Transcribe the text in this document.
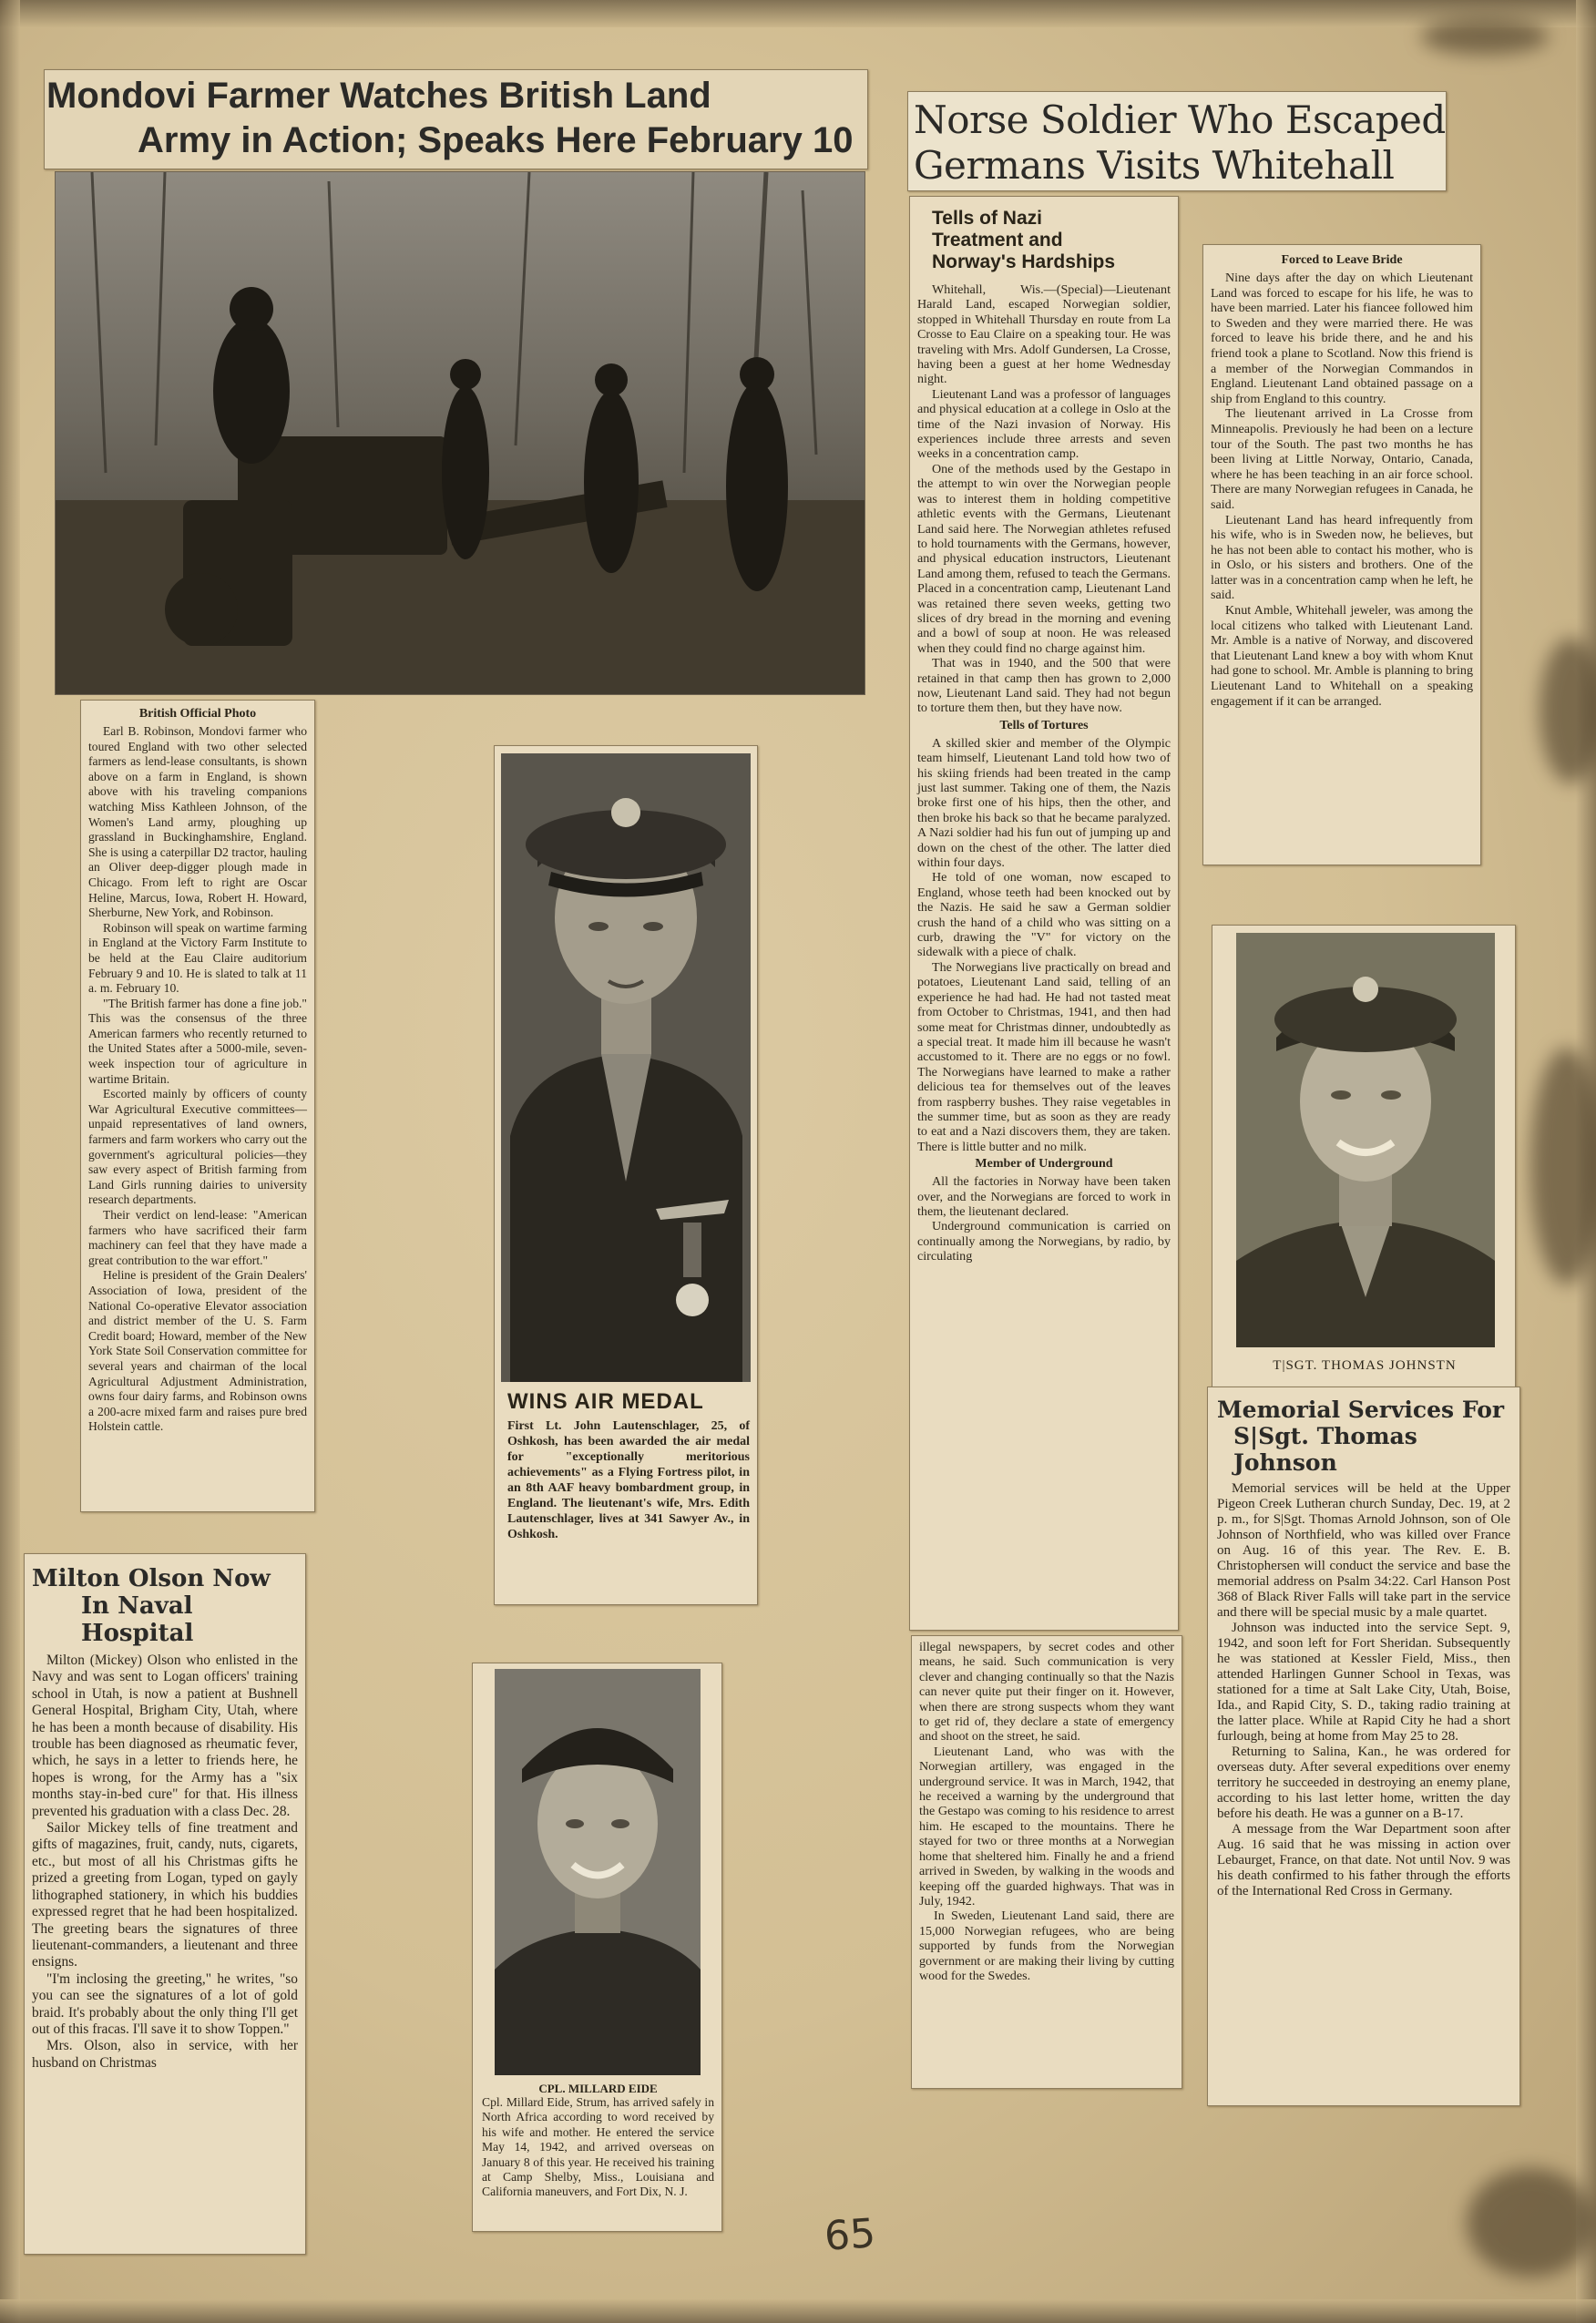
Mondovi Farmer Watches British Land
Army in Action; Speaks Here February 10
British Official Photo

Earl B. Robinson, Mondovi farmer who toured England with two other selected farmers as lend-lease consultants, is shown above on a farm in England, is shown above with his traveling companions watching Miss Kathleen Johnson, of the Women's Land army, ploughing up grassland in Buckinghamshire, England. She is using a caterpillar D2 tractor, hauling an Oliver deep-digger plough made in Chicago. From left to right are Oscar Heline, Marcus, Iowa, Robert H. Howard, Sherburne, New York, and Robinson.

Robinson will speak on wartime farming in England at the Victory Farm Institute to be held at the Eau Claire auditorium February 9 and 10. He is slated to talk at 11 a. m. February 10.

"The British farmer has done a fine job." This was the consensus of the three American farmers who recently returned to the United States after a 5000-mile, seven-week inspection tour of agriculture in wartime Britain.

Escorted mainly by officers of county War Agricultural Executive committees—unpaid representatives of land owners, farmers and farm workers who carry out the government's agricultural policies—they saw every aspect of British farming from Land Girls running dairies to university research departments.

Their verdict on lend-lease: "American farmers who have sacrificed their farm machinery can feel that they have made a great contribution to the war effort."

Heline is president of the Grain Dealers' Association of Iowa, president of the National Co-operative Elevator association and district member of the U. S. Farm Credit board; Howard, member of the New York State Soil Conservation committee for several years and chairman of the local Agricultural Adjustment Administration, owns four dairy farms, and Robinson owns a 200-acre mixed farm and raises pure bred Holstein cattle.

WINS AIR MEDAL
First Lt. John Lautenschlager, 25, of Oshkosh, has been awarded the air medal for "exceptionally meritorious achievements" as a Flying Fortress pilot, in an 8th AAF heavy bombardment group, in England. The lieutenant's wife, Mrs. Edith Lautenschlager, lives at 341 Sawyer Av., in Oshkosh.
Milton Olson Now
In Naval Hospital

Milton (Mickey) Olson who enlisted in the Navy and was sent to Logan officers' training school in Utah, is now a patient at Bushnell General Hospital, Brigham City, Utah, where he has been a month because of disability. His trouble has been diagnosed as rheumatic fever, which, he says in a letter to friends here, he hopes is wrong, for the Army has a "six months stay-in-bed cure" for that. His illness prevented his graduation with a class Dec. 28.

Sailor Mickey tells of fine treatment and gifts of magazines, fruit, candy, nuts, cigarets, etc., but most of all his Christmas gifts he prized a greeting from Logan, typed on gayly lithographed stationery, in which his buddies expressed regret that he had been hospitalized. The greeting bears the signatures of three lieutenant-commanders, a lieutenant and three ensigns.

"I'm inclosing the greeting," he writes, "so you can see the signatures of a lot of gold braid. It's probably about the only thing I'll get out of this fracas. I'll save it to show Toppen."

Mrs. Olson, also in service, with her husband on Christmas

CPL. MILLARD EIDE
Cpl. Millard Eide, Strum, has arrived safely in North Africa according to word received by his wife and mother. He entered the service May 14, 1942, and arrived overseas on January 8 of this year. He received his training at Camp Shelby, Miss., Louisiana and California maneuvers, and Fort Dix, N. J.
Norse Soldier Who Escaped
Germans Visits Whitehall
Tells of Nazi
Treatment and
Norway's Hardships

Whitehall, Wis.—(Special)—Lieutenant Harald Land, escaped Norwegian soldier, stopped in Whitehall Thursday en route from La Crosse to Eau Claire on a speaking tour. He was traveling with Mrs. Adolf Gundersen, La Crosse, having been a guest at her home Wednesday night.

Lieutenant Land was a professor of languages and physical education at a college in Oslo at the time of the Nazi invasion of Norway. His experiences include three arrests and seven weeks in a concentration camp.

One of the methods used by the Gestapo in the attempt to win over the Norwegian people was to interest them in holding competitive athletic events with the Germans, Lieutenant Land said here. The Norwegian athletes refused to hold tournaments with the Germans, however, and physical education instructors, Lieutenant Land among them, refused to teach the Germans. Placed in a concentration camp, Lieutenant Land was retained there seven weeks, getting two slices of dry bread in the morning and evening and a bowl of soup at noon. He was released when they could find no charge against him.

That was in 1940, and the 500 that were retained in that camp then has grown to 2,000 now, Lieutenant Land said. They had not begun to torture them then, but they have now.

Tells of Tortures

A skilled skier and member of the Olympic team himself, Lieutenant Land told how two of his skiing friends had been treated in the camp just last summer. Taking one of them, the Nazis broke first one of his hips, then the other, and then broke his back so that he became paralyzed. A Nazi soldier had his fun out of jumping up and down on the chest of the other. The latter died within four days.

He told of one woman, now escaped to England, whose teeth had been knocked out by the Nazis. He said he saw a German soldier crush the hand of a child who was sitting on a curb, drawing the "V" for victory on the sidewalk with a piece of chalk.

The Norwegians live practically on bread and potatoes, Lieutenant Land said, telling of an experience he had had. He had not tasted meat from October to Christmas, 1941, and then had some meat for Christmas dinner, undoubtedly as a special treat. It made him ill because he wasn't accustomed to it. There are no eggs or no fowl. The Norwegians have learned to make a rather delicious tea for themselves out of the leaves from raspberry bushes. They raise vegetables in the summer time, but as soon as they are ready to eat and a Nazi discovers them, they are taken. There is little butter and no milk.

Member of Underground

All the factories in Norway have been taken over, and the Norwegians are forced to work in them, the lieutenant declared.

Underground communication is carried on continually among the Norwegians, by radio, by circulating

illegal newspapers, by secret codes and other means, he said. Such communication is very clever and changing continually so that the Nazis can never quite put their finger on it. However, when there are strong suspects whom they want to get rid of, they declare a state of emergency and shoot on the street, he said.

Lieutenant Land, who was with the Norwegian artillery, was engaged in the underground service. It was in March, 1942, that he received a warning by the underground that the Gestapo was coming to his residence to arrest him. He escaped to the mountains. There he stayed for two or three months at a Norwegian home that sheltered him. Finally he and a friend arrived in Sweden, by walking in the woods and keeping off the guarded highways. That was in July, 1942.

In Sweden, Lieutenant Land said, there are 15,000 Norwegian refugees, who are being supported by funds from the Norwegian government or are making their living by cutting wood for the Swedes.

Forced to Leave Bride

Nine days after the day on which Lieutenant Land was forced to escape for his life, he was to have been married. Later his fiancee followed him to Sweden and they were married there. He was forced to leave his bride there, and he and his friend took a plane to Scotland. Now this friend is a member of the Norwegian Commandos in England. Lieutenant Land obtained passage on a ship from England to this country.

The lieutenant arrived in La Crosse from Minneapolis. Previously he had been on a lecture tour of the South. The past two months he has been living at Little Norway, Ontario, Canada, where he has been teaching in an air force school. There are many Norwegian refugees in Canada, he said.

Lieutenant Land has heard infrequently from his wife, who is in Sweden now, he believes, but he has not been able to contact his mother, who is in Oslo, or his sisters and brothers. One of the latter was in a concentration camp when he left, he said.

Knut Amble, Whitehall jeweler, was among the local citizens who talked with Lieutenant Land. Mr. Amble is a native of Norway, and discovered that Lieutenant Land knew a boy with whom Knut had gone to school. Mr. Amble is planning to bring Lieutenant Land to Whitehall on a speaking engagement if it can be arranged.

T|SGT. THOMAS JOHNSTN
Memorial Services For
S|Sgt. Thomas Johnson

Memorial services will be held at the Upper Pigeon Creek Lutheran church Sunday, Dec. 19, at 2 p. m., for S|Sgt. Thomas Arnold Johnson, son of Ole Johnson of Northfield, who was killed over France on Aug. 16 of this year. The Rev. E. B. Christophersen will conduct the service and base the memorial address on Psalm 34:22. Carl Hanson Post 368 of Black River Falls will take part in the service and there will be special music by a male quartet.

Johnson was inducted into the service Sept. 9, 1942, and soon left for Fort Sheridan. Subsequently he was stationed at Kessler Field, Miss., then attended Harlingen Gunner School in Texas, was stationed for a time at Salt Lake City, Utah, Boise, Ida., and Rapid City, S. D., taking radio training at the latter place. While at Rapid City he had a short furlough, being at home from May 25 to 28.

Returning to Salina, Kan., he was ordered for overseas duty. After several expeditions over enemy territory he succeeded in destroying an enemy plane, according to his last letter home, written the day before his death. He was a gunner on a B-17.

A message from the War Department soon after Aug. 16 said that he was missing in action over Lebaurget, France, on that date. Not until Nov. 9 was his death confirmed to his father through the efforts of the International Red Cross in Germany.

65
